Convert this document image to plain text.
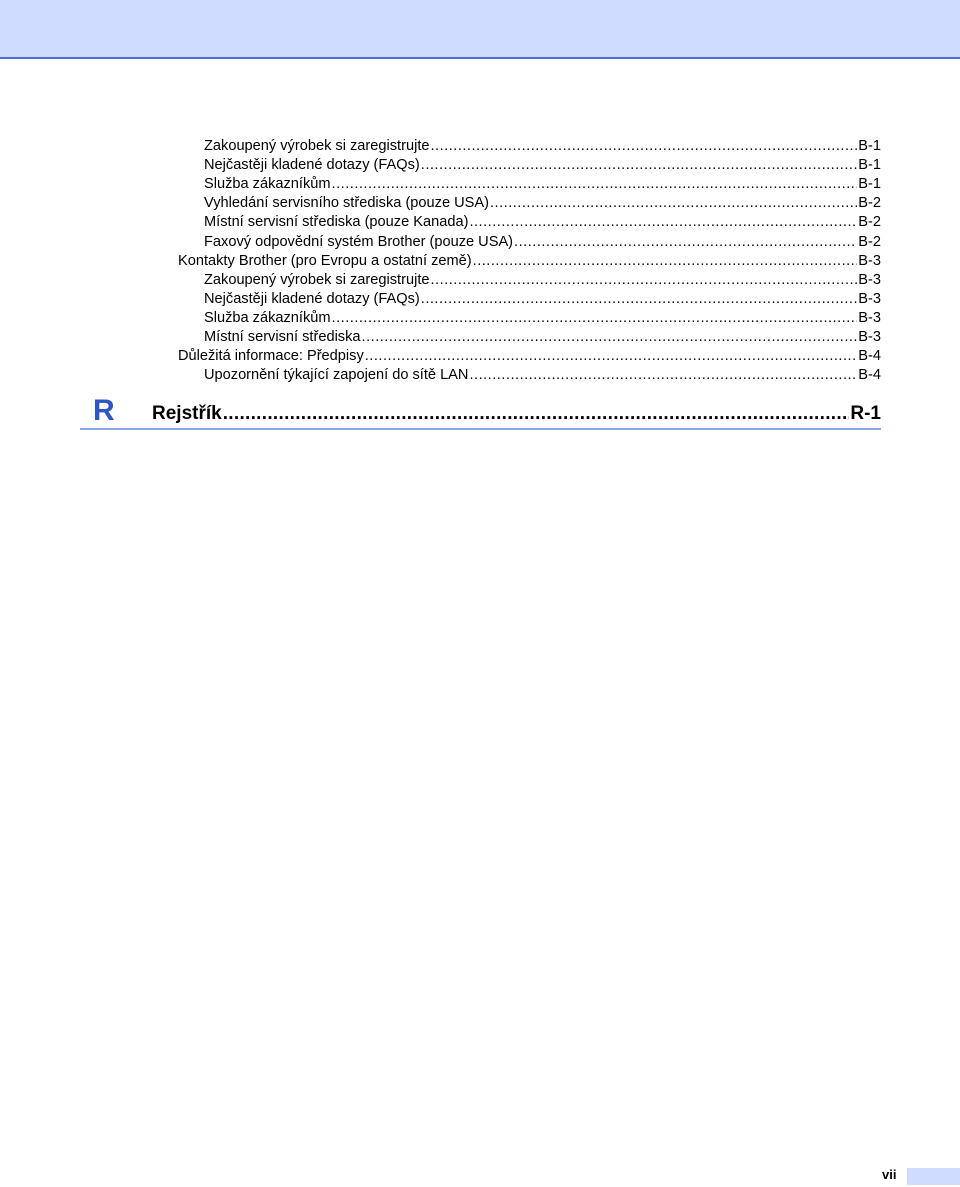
Zakoupený výrobek si zaregistrujte .....	B-1
Nejčastěji kladené dotazy (FAQs) .....	B-1
Služba zákazníkům .....	B-1
Vyhledání servisního střediska (pouze USA) .....	B-2
Místní servisní střediska (pouze Kanada) .....	B-2
Faxový odpovědní systém Brother (pouze USA) .....	B-2
Kontakty Brother (pro Evropu a ostatní země) .....	B-3
Zakoupený výrobek si zaregistrujte .....	B-3
Nejčastěji kladené dotazy (FAQs) .....	B-3
Služba zákazníkům .....	B-3
Místní servisní střediska .....	B-3
Důležitá informace: Předpisy .....	B-4
Upozornění týkající zapojení do sítě LAN .....	B-4
R Rejstřík .....	R-1
vii
